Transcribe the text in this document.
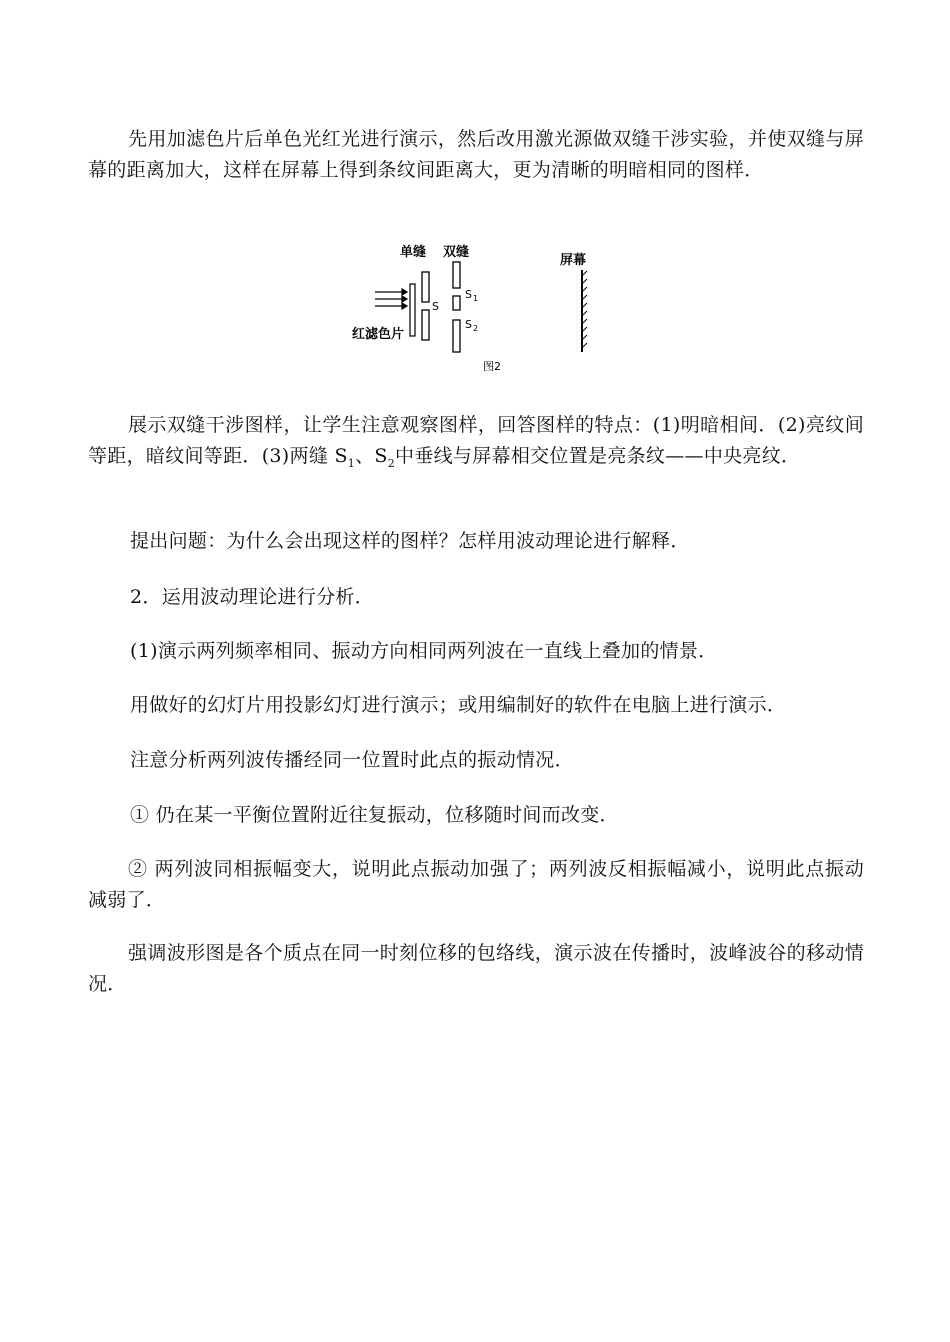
先用加滤色片后单色光红光进行演示，然后改用激光源做双缝干涉实验，并使双缝与屏幕的距离加大，这样在屏幕上得到条纹间距离大，更为清晰的明暗相同的图样．

单缝 双缝
屏幕
红滤色片
S
S 1
S 2
图2

展示双缝干涉图样，让学生注意观察图样，回答图样的特点：(1)明暗相间．(2)亮纹间等距，暗纹间等距．(3)两缝 $S_1$、$S_2$中垂线与屏幕相交位置是亮条纹——中央亮纹．

提出问题：为什么会出现这样的图样？怎样用波动理论进行解释．

2．运用波动理论进行分析．

(1)演示两列频率相同、振动方向相同两列波在一直线上叠加的情景．

用做好的幻灯片用投影幻灯进行演示；或用编制好的软件在电脑上进行演示．

注意分析两列波传播经同一位置时此点的振动情况．

① 仍在某一平衡位置附近往复振动，位移随时间而改变．

② 两列波同相振幅变大，说明此点振动加强了；两列波反相振幅减小，说明此点振动减弱了．

强调波形图是各个质点在同一时刻位移的包络线，演示波在传播时，波峰波谷的移动情况．
